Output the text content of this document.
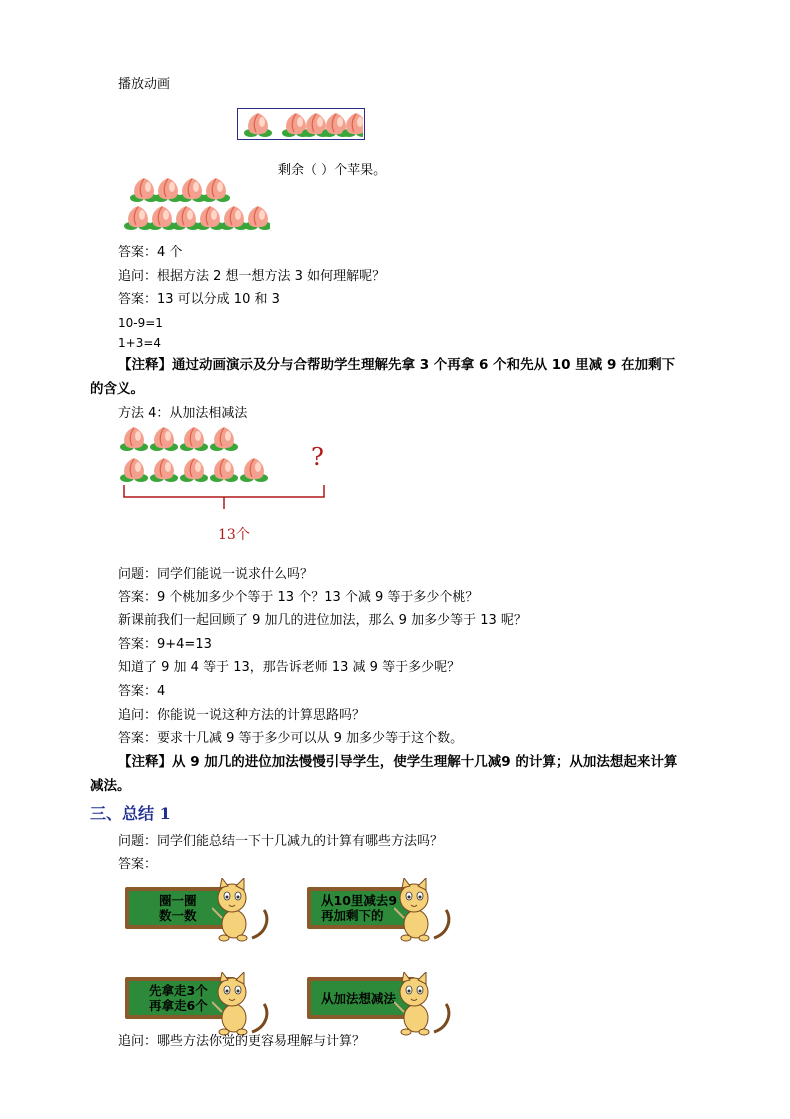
播放动画
剩余（ ）个苹果。
答案：4 个
追问：根据方法 2 想一想方法 3 如何理解呢？
答案：13 可以分成 10 和 3
10-9=1
1+3=4
【注释】通过动画演示及分与合帮助学生理解先拿 3 个再拿 6 个和先从 10 里减 9 在加剩下
的含义。
方法 4：从加法相减法
?
13个
问题：同学们能说一说求什么吗？
答案：9 个桃加多少个等于 13 个？13 个减 9 等于多少个桃？
新课前我们一起回顾了 9 加几的进位加法，那么 9 加多少等于 13 呢？
答案：9+4=13
知道了 9 加 4 等于 13，那告诉老师 13 减 9 等于多少呢？
答案：4
追问：你能说一说这种方法的计算思路吗？
答案：要求十几减 9 等于多少可以从 9 加多少等于这个数。
【注释】从 9 加几的进位加法慢慢引导学生，使学生理解十几减9 的计算；从加法想起来计算
减法。
三、总结 1
问题：同学们能总结一下十几减九的计算有哪些方法吗？
答案：
圈一圈
数一数
从10里减去9
再加剩下的
先拿走3个
再拿走6个	从加法想减法
追问：哪些方法你觉的更容易理解与计算？
